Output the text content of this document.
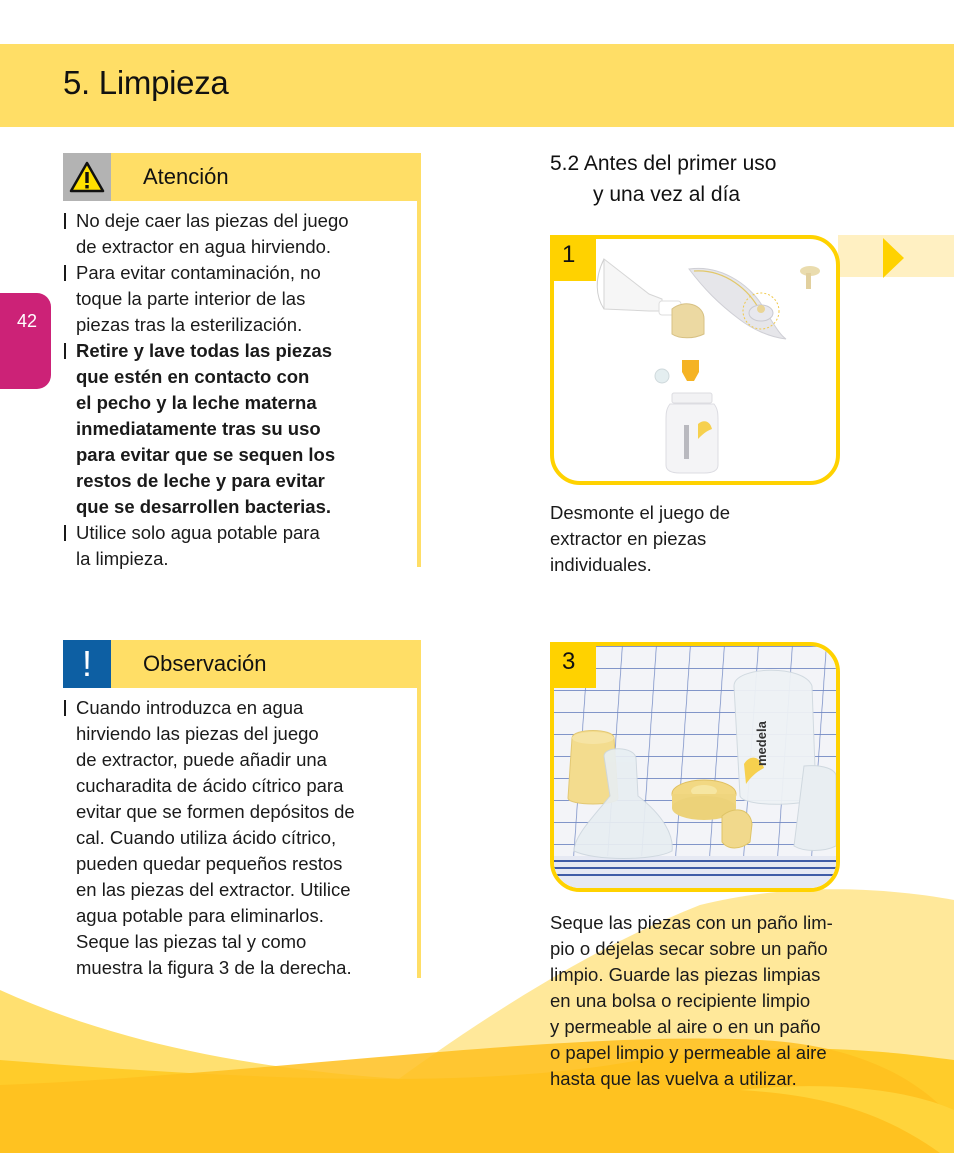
5. Limpieza
42
Atención

No deje caer las piezas del juego
de extractor en agua hirviendo.

Para evitar contaminación, no
toque la parte interior de las
piezas tras la esterilización.

Retire y lave todas las piezas
que estén en contacto con
el pecho y la leche materna
inmediatamente tras su uso
para evitar que se sequen los
restos de leche y para evitar
que se desarrollen bacterias.

Utilice solo agua potable para
la limpieza.

! Observación

Cuando introduzca en agua
hirviendo las piezas del juego
de extractor, puede añadir una
cucharadita de ácido cítrico para
evitar que se formen depósitos de
cal. Cuando utiliza ácido cítrico,
pueden quedar pequeños restos
en las piezas del extractor. Utilice
agua potable para eliminarlos.
Seque las piezas tal y como
muestra la figura 3 de la derecha.

5.2 Antes del primer uso
y una vez al día
1

Desmonte el juego de
extractor en piezas
individuales.

3
medela

Seque las piezas con un paño lim-
pio o déjelas secar sobre un paño
limpio. Guarde las piezas limpias
en una bolsa o recipiente limpio
y permeable al aire o en un paño
o papel limpio y permeable al aire
hasta que las vuelva a utilizar.
